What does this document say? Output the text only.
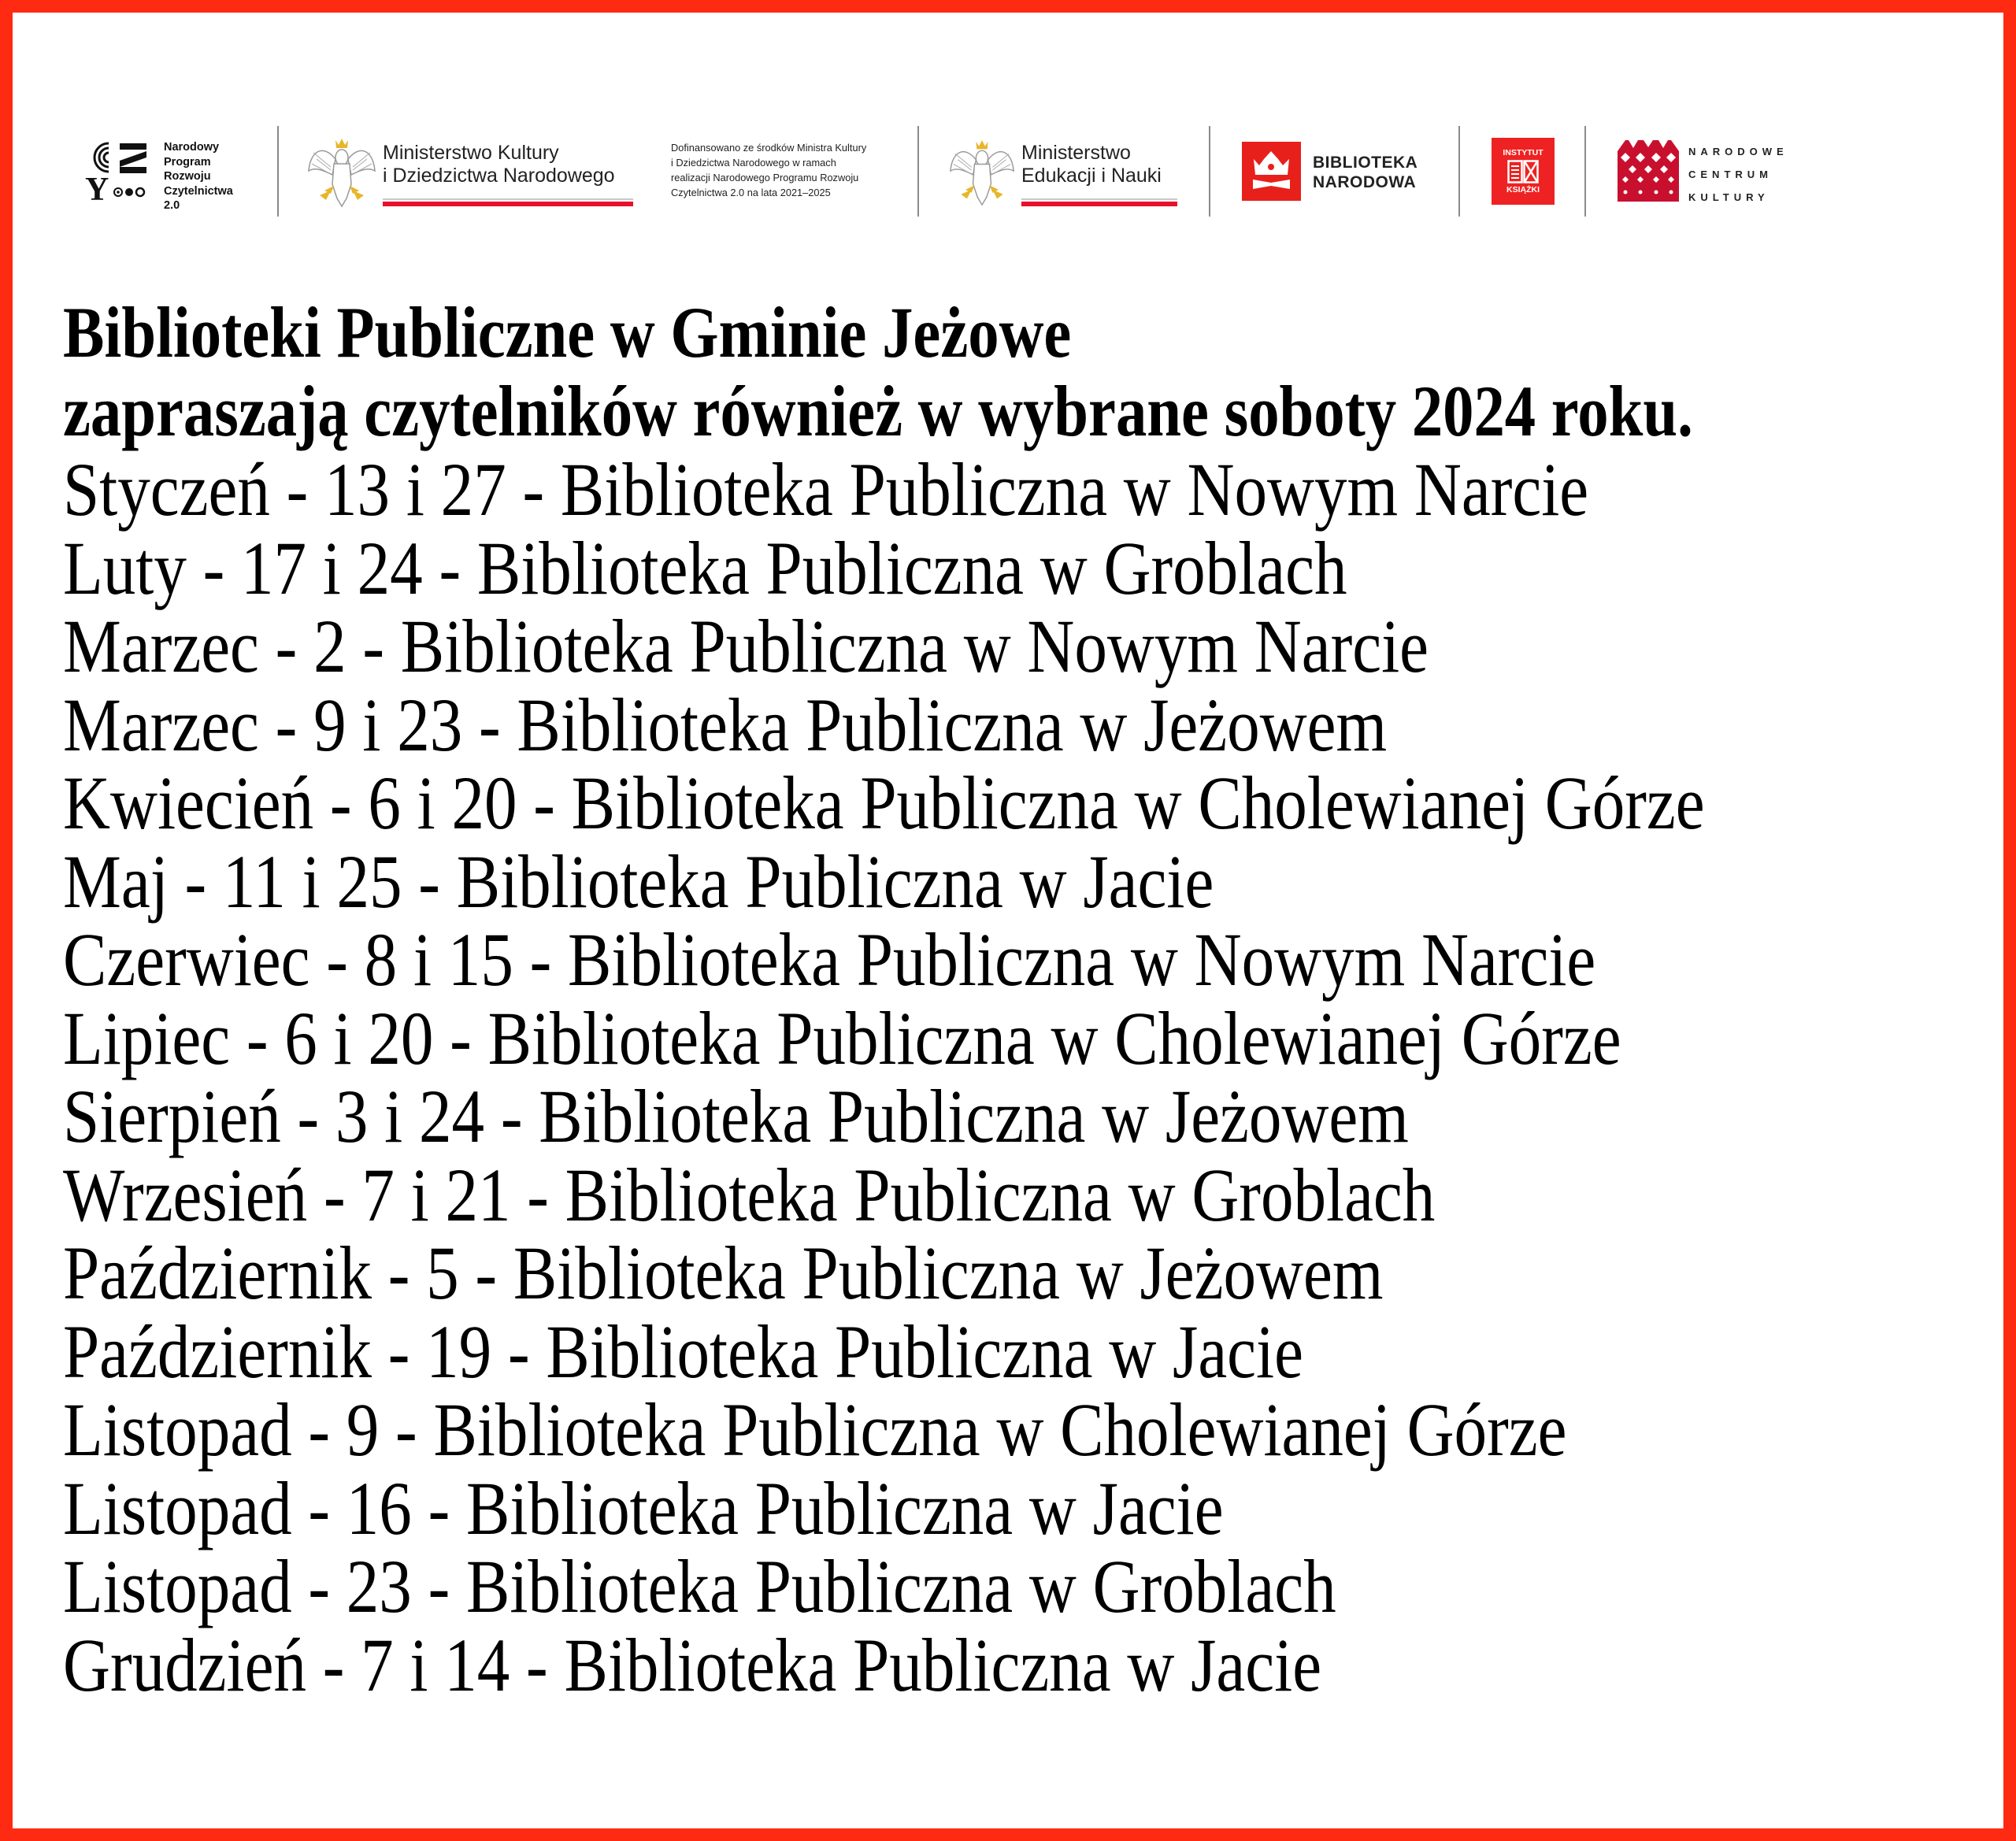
Y
Narodowy
Program
Rozwoju
Czytelnictwa
2.0
Ministerstwo Kultury
i Dziedzictwa Narodowego
Dofinansowano ze środków Ministra Kultury
i Dziedzictwa Narodowego w ramach
realizacji Narodowego Programu Rozwoju
Czytelnictwa 2.0 na lata 2021–2025
Ministerstwo
Edukacji i Nauki
BIBLIOTEKA
NARODOWA
INSTYTUT
KSIĄŻKI
NARODOWE
CENTRUM
KULTURY
Biblioteki Publiczne w Gminie Jeżowe
zapraszają czytelników również w wybrane soboty 2024 roku.
Styczeń - 13 i 27 - Biblioteka Publiczna w Nowym Narcie
Luty - 17 i 24 - Biblioteka Publiczna w Groblach
Marzec - 2 - Biblioteka Publiczna w Nowym Narcie
Marzec - 9 i 23 - Biblioteka Publiczna w Jeżowem
Kwiecień - 6 i 20 - Biblioteka Publiczna w Cholewianej Górze
Maj - 11 i 25 - Biblioteka Publiczna w Jacie
Czerwiec - 8 i 15 - Biblioteka Publiczna w Nowym Narcie
Lipiec - 6 i 20 - Biblioteka Publiczna w Cholewianej Górze
Sierpień - 3 i 24 - Biblioteka Publiczna w Jeżowem
Wrzesień - 7 i 21 - Biblioteka Publiczna w Groblach
Październik - 5 - Biblioteka Publiczna w Jeżowem
Październik - 19 - Biblioteka Publiczna w Jacie
Listopad - 9 - Biblioteka Publiczna w Cholewianej Górze
Listopad - 16 - Biblioteka Publiczna w Jacie
Listopad - 23 - Biblioteka Publiczna w Groblach
Grudzień - 7 i 14 - Biblioteka Publiczna w Jacie
